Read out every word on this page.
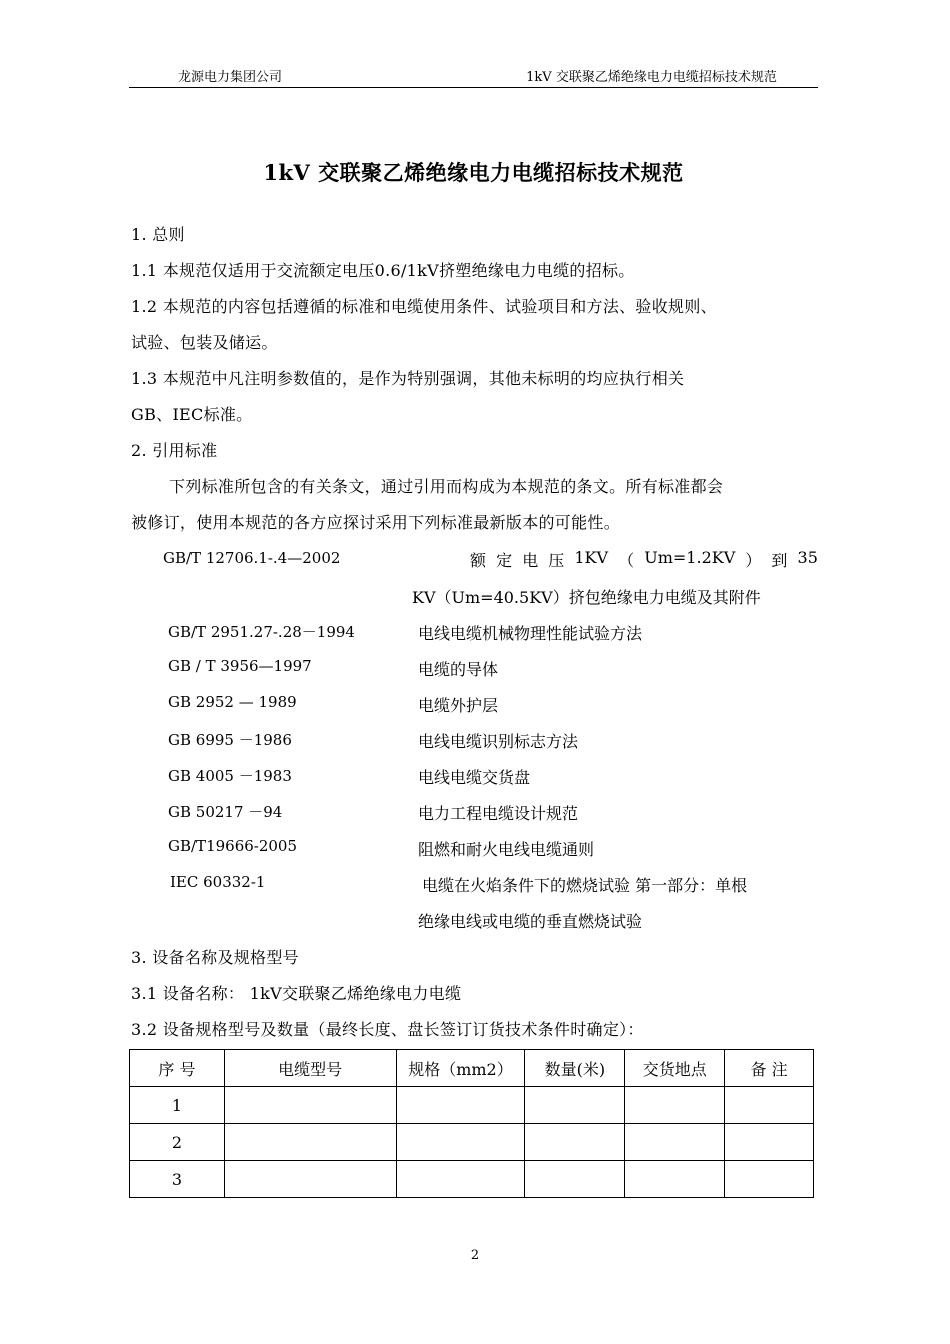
龙源电力集团公司	1kV 交联聚乙烯绝缘电力电缆招标技术规范
1kV 交联聚乙烯绝缘电力电缆招标技术规范
1. 总则
1.1 本规范仅适用于交流额定电压0.6/1kV挤塑绝缘电力电缆的招标。
1.2 本规范的内容包括遵循的标准和电缆使用条件、试验项目和方法、验收规则、
试验、包装及储运。
1.3 本规范中凡注明参数值的，是作为特别强调，其他未标明的均应执行相关
GB、IEC标准。
2. 引用标准
下列标准所包含的有关条文，通过引用而构成为本规范的条文。所有标准都会
被修订，使用本规范的各方应探讨采用下列标准最新版本的可能性。
GB/T 12706.1-.4—2002	额 定 电 压 1KV （ Um=1.2KV ） 到 35
KV（Um=40.5KV）挤包绝缘电力电缆及其附件
GB/T 2951.27-.28－1994	电线电缆机械物理性能试验方法
GB / T 3956—1997	电缆的导体
GB 2952 — 1989	电缆外护层
GB 6995 －1986	电线电缆识别标志方法
GB 4005 －1983	电线电缆交货盘
GB 50217 －94	电力工程电缆设计规范
GB/T19666-2005	阻燃和耐火电线电缆通则
IEC 60332-1	电缆在火焰条件下的燃烧试验 第一部分：单根
绝缘电线或电缆的垂直燃烧试验
3. 设备名称及规格型号
3.1 设备名称： 1kV交联聚乙烯绝缘电力电缆
3.2 设备规格型号及数量（最终长度、盘长签订订货技术条件时确定）：
序 号	电缆型号	规格（mm2）	数量(米)	交货地点	备 注
1					
2					
3					
2
